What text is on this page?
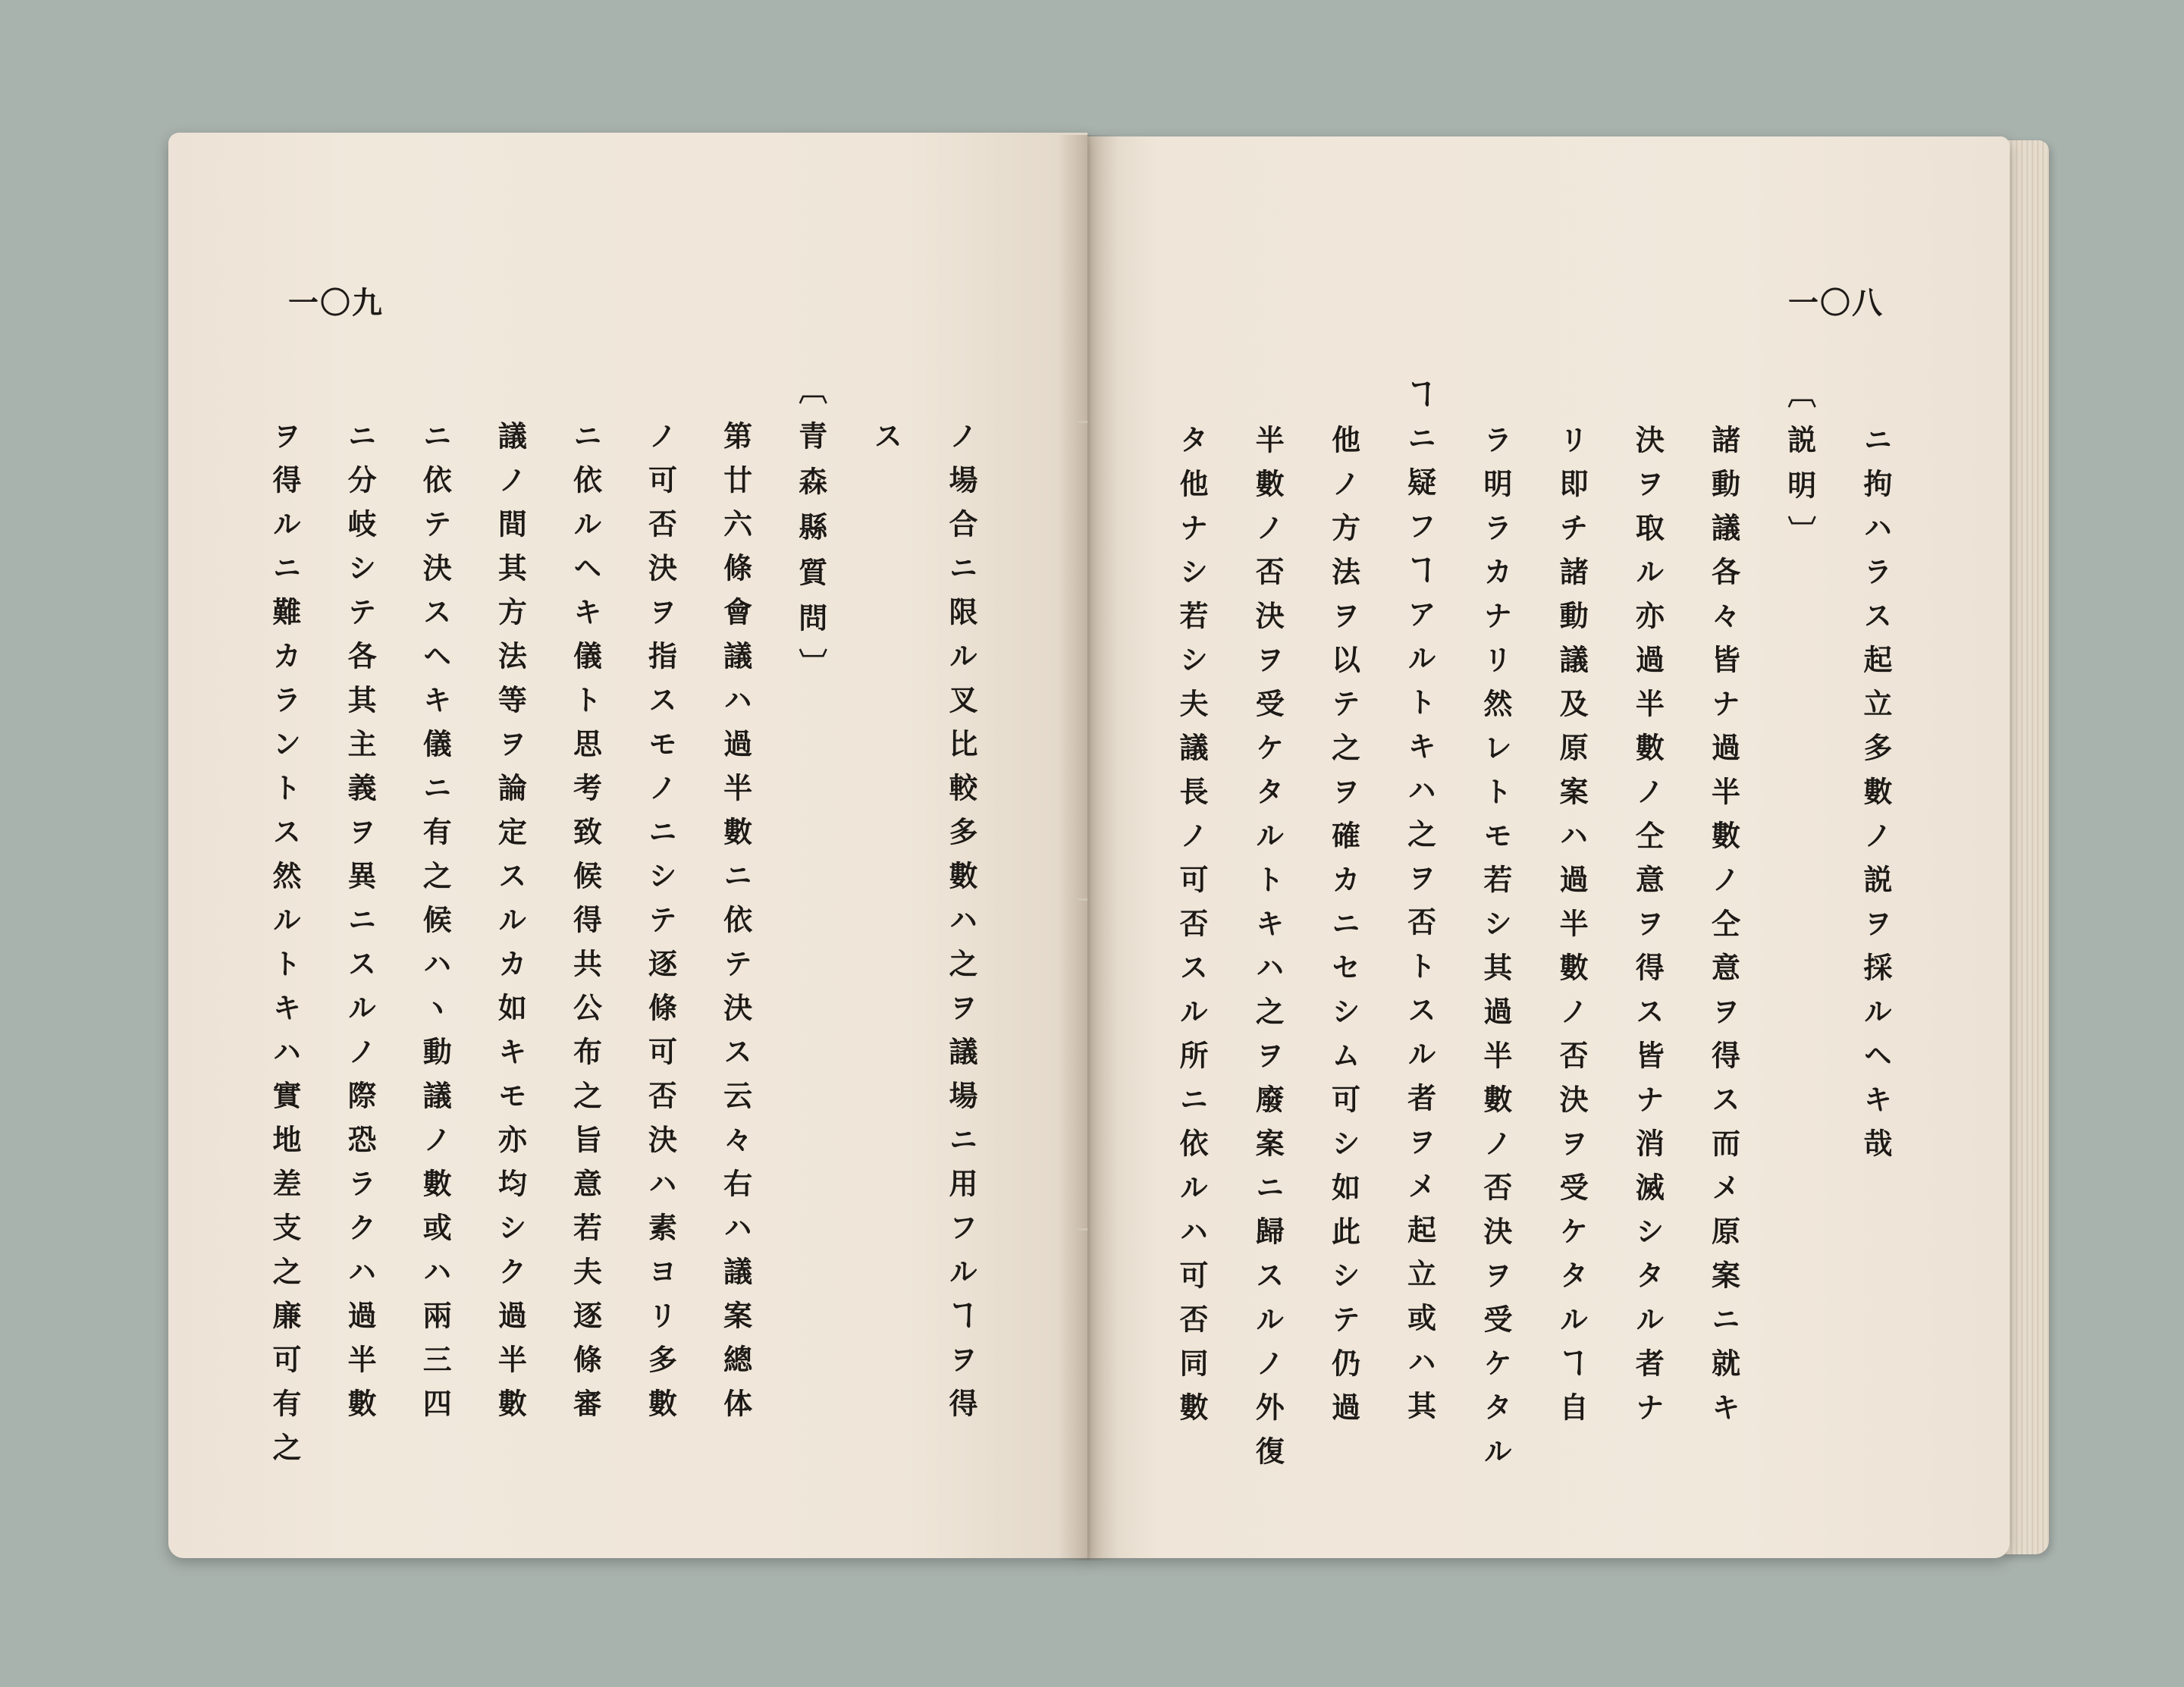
一〇九

ノ場合ニ限ル叉比較多數ハ之ヲ議場ニ用フルヿヲ得

ス

〔青森縣質問〕

第廿六條會議ハ過半數ニ依テ決ス云々右ハ議案總体

ノ可否決ヲ指スモノニシテ逐條可否決ハ素ヨリ多數

ニ依ルヘキ儀ト思考致候得共公布之旨意若夫逐條審

議ノ間其方法等ヲ論定スルカ如キモ亦均シク過半數

ニ依テ決スヘキ儀ニ有之候ハヽ動議ノ數或ハ兩三四

ニ分岐シテ各其主義ヲ異ニスルノ際恐ラクハ過半數

ヲ得ルニ難カラントス然ルトキハ實地差支之廉可有之

一〇八

ニ拘ハラス起立多數ノ説ヲ採ルヘキ哉

〔説明〕

諸動議各々皆ナ過半數ノ仝意ヲ得ス而メ原案ニ就キ

決ヲ取ル亦過半數ノ仝意ヲ得ス皆ナ消滅シタル者ナ

リ即チ諸動議及原案ハ過半數ノ否決ヲ受ケタルヿ自

ラ明ラカナリ然レトモ若シ其過半數ノ否決ヲ受ケタル

ヿニ疑フヿアルトキハ之ヲ否トスル者ヲメ起立或ハ其

他ノ方法ヲ以テ之ヲ確カニセシム可シ如此シテ仍過

半數ノ否決ヲ受ケタルトキハ之ヲ廢案ニ歸スルノ外復

タ他ナシ若シ夫議長ノ可否スル所ニ依ルハ可否同數
